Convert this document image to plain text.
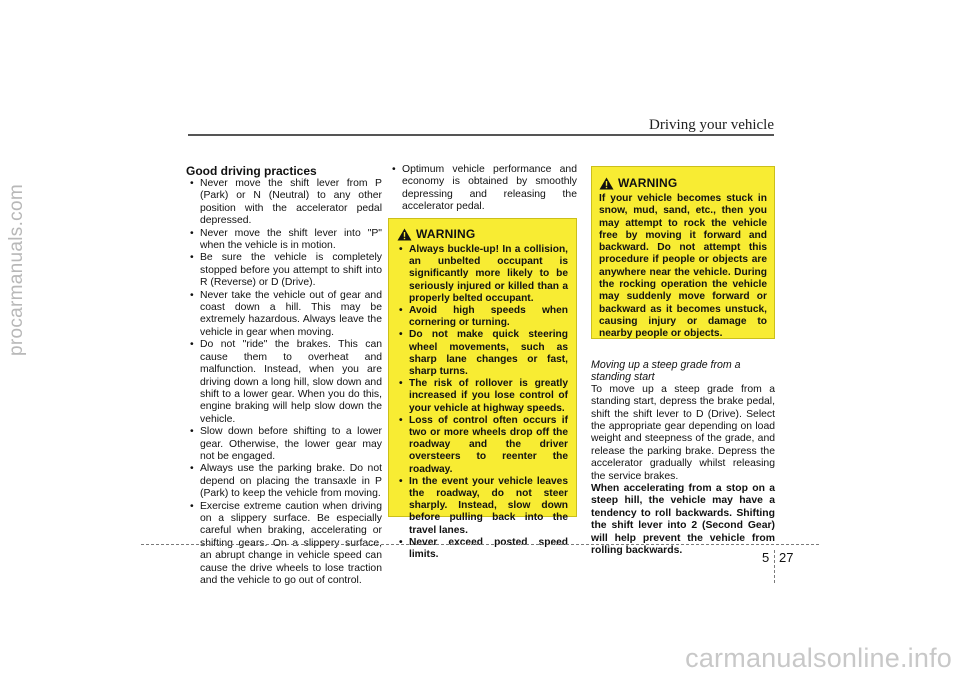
procarmanuals.com
Driving your vehicle
Good driving practices
• Never move the shift lever from P (Park) or N (Neutral) to any other position with the accelerator pedal depressed.
• Never move the shift lever into "P" when the vehicle is in motion.
• Be sure the vehicle is completely stopped before you attempt to shift into R (Reverse) or D (Drive).
• Never take the vehicle out of gear and coast down a hill. This may be extremely hazardous. Always leave the vehicle in gear when moving.
• Do not "ride" the brakes. This can cause them to overheat and malfunction. Instead, when you are driving down a long hill, slow down and shift to a lower gear. When you do this, engine braking will help slow down the vehicle.
• Slow down before shifting to a lower gear. Otherwise, the lower gear may not be engaged.
• Always use the parking brake. Do not depend on placing the transaxle in P (Park) to keep the vehicle from moving.
• Exercise extreme caution when driving on a slippery surface. Be especially careful when braking, accelerating or shifting gears. On a slippery surface, an abrupt change in vehicle speed can cause the drive wheels to lose traction and the vehicle to go out of control.
• Optimum vehicle performance and economy is obtained by smoothly depressing and releasing the accelerator pedal.
WARNING
• Always buckle-up! In a collision, an unbelted occupant is significantly more likely to be seriously injured or killed than a properly belted occupant.
• Avoid high speeds when cornering or turning.
• Do not make quick steering wheel movements, such as sharp lane changes or fast, sharp turns.
• The risk of rollover is greatly increased if you lose control of your vehicle at highway speeds.
• Loss of control often occurs if two or more wheels drop off the roadway and the driver oversteers to reenter the roadway.
• In the event your vehicle leaves the roadway, do not steer sharply. Instead, slow down before pulling back into the travel lanes.
• Never exceed posted speed limits.
WARNING
If your vehicle becomes stuck in snow, mud, sand, etc., then you may attempt to rock the vehicle free by moving it forward and backward. Do not attempt this procedure if people or objects are anywhere near the vehicle. During the rocking operation the vehicle may suddenly move forward or backward as it becomes unstuck, causing injury or damage to nearby people or objects.
Moving up a steep grade from a standing start
To move up a steep grade from a standing start, depress the brake pedal, shift the shift lever to D (Drive). Select the appropriate gear depending on load weight and steepness of the grade, and release the parking brake. Depress the accelerator gradually whilst releasing the service brakes.
When accelerating from a stop on a steep hill, the vehicle may have a tendency to roll backwards. Shifting the shift lever into 2 (Second Gear) will help prevent the vehicle from rolling backwards.	5 27
carmanualsonline.info
